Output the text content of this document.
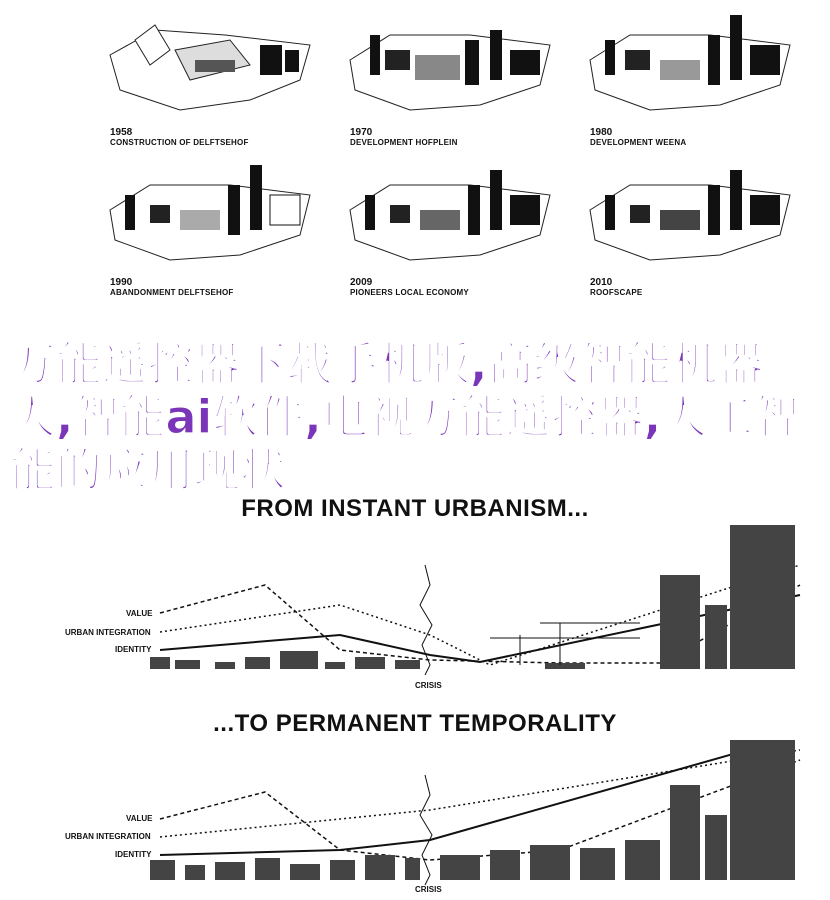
1958
CONSTRUCTION OF DELFTSEHOF
1970
DEVELOPMENT HOFPLEIN
1980
DEVELOPMENT WEENA
1990
ABANDONMENT DELFTSEHOF
2009
PIONEERS LOCAL ECONOMY
2010
ROOFSCAPE
FROM INSTANT URBANISM...
VALUE
URBAN INTEGRATION
IDENTITY
CRISIS
...TO PERMANENT TEMPORALITY
VALUE
URBAN INTEGRATION
IDENTITY
CRISIS
万能遥控器下载手机版,高级智能机器人,智能ai软件,电视万能遥控器,人工智能的应用现状
